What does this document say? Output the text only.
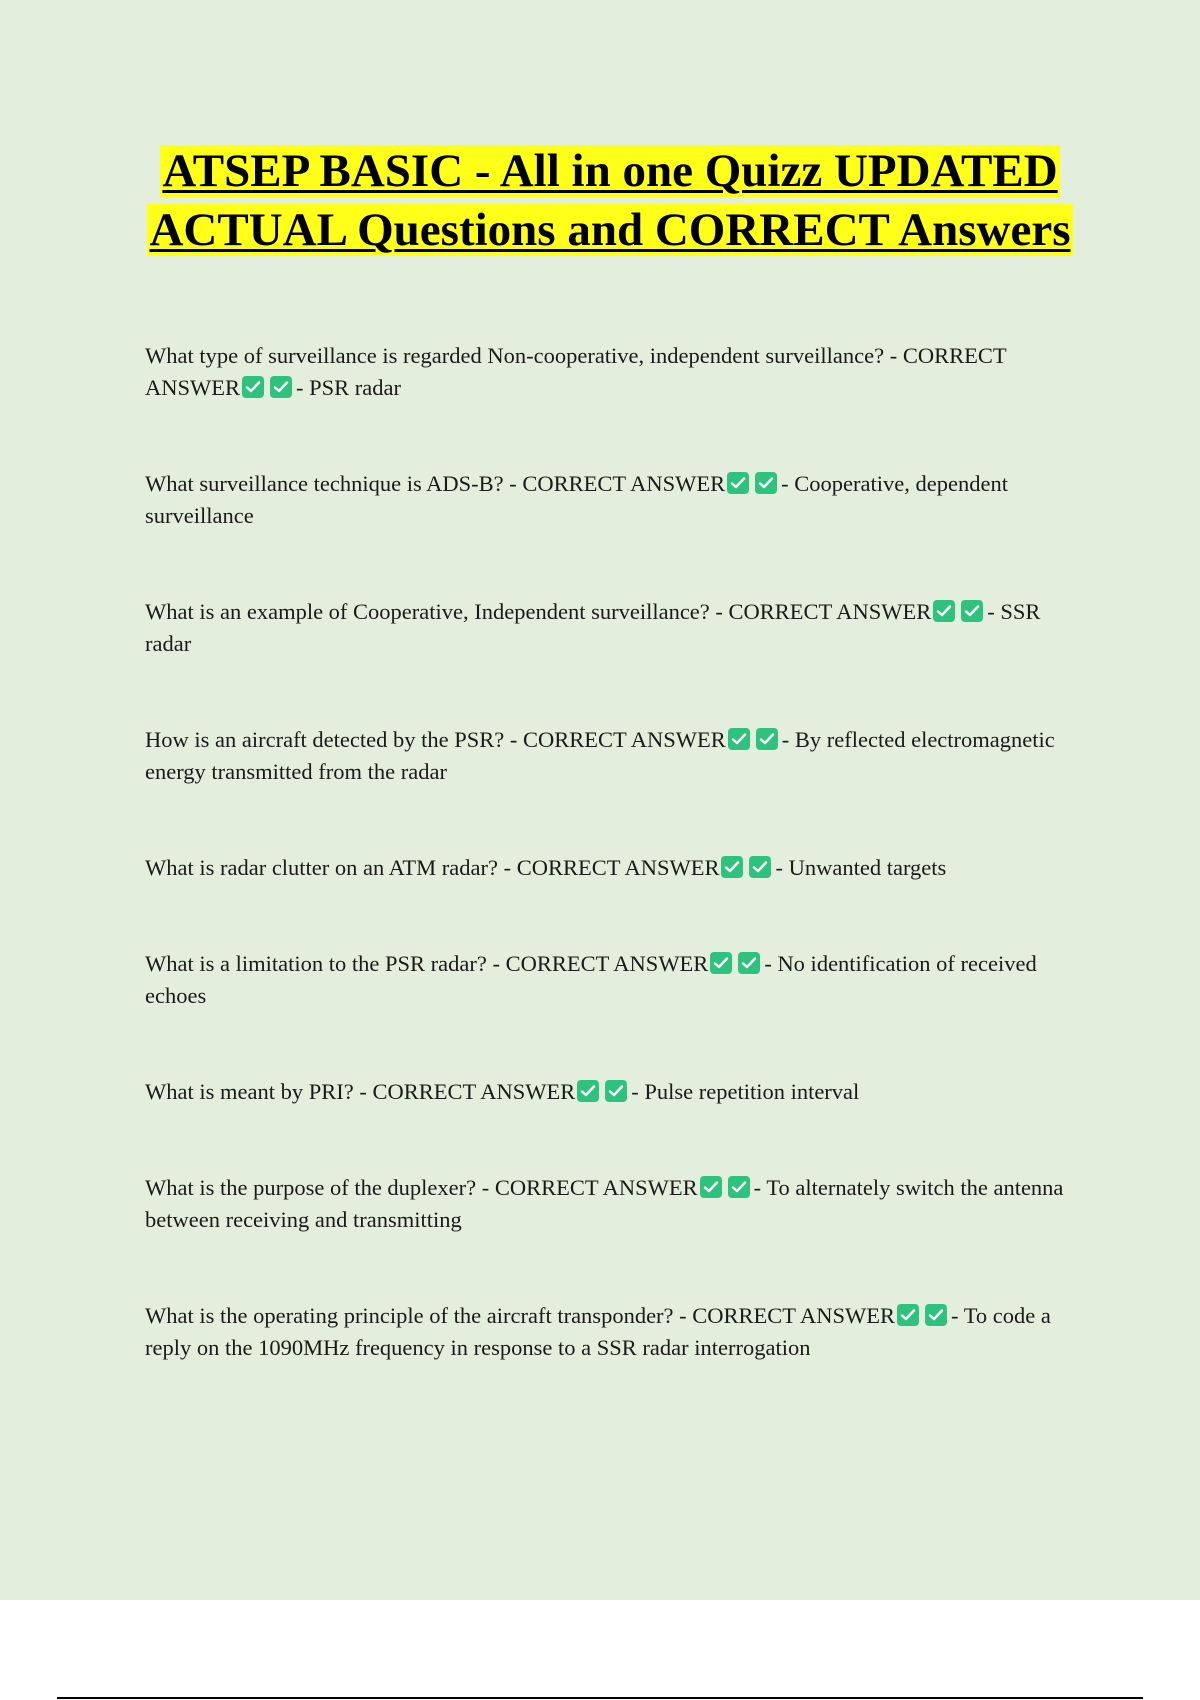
ATSEP BASIC - All in one Quizz UPDATED ACTUAL Questions and CORRECT Answers

What type of surveillance is regarded Non-cooperative, independent surveillance? - CORRECT ANSWER - PSR radar

What surveillance technique is ADS-B? - CORRECT ANSWER - Cooperative, dependent surveillance

What is an example of Cooperative, Independent surveillance? - CORRECT ANSWER - SSR radar

How is an aircraft detected by the PSR? - CORRECT ANSWER - By reflected electromagnetic energy transmitted from the radar

What is radar clutter on an ATM radar? - CORRECT ANSWER - Unwanted targets

What is a limitation to the PSR radar? - CORRECT ANSWER - No identification of received echoes

What is meant by PRI? - CORRECT ANSWER - Pulse repetition interval

What is the purpose of the duplexer? - CORRECT ANSWER - To alternately switch the antenna between receiving and transmitting

What is the operating principle of the aircraft transponder? - CORRECT ANSWER - To code a reply on the 1090MHz frequency in response to a SSR radar interrogation
